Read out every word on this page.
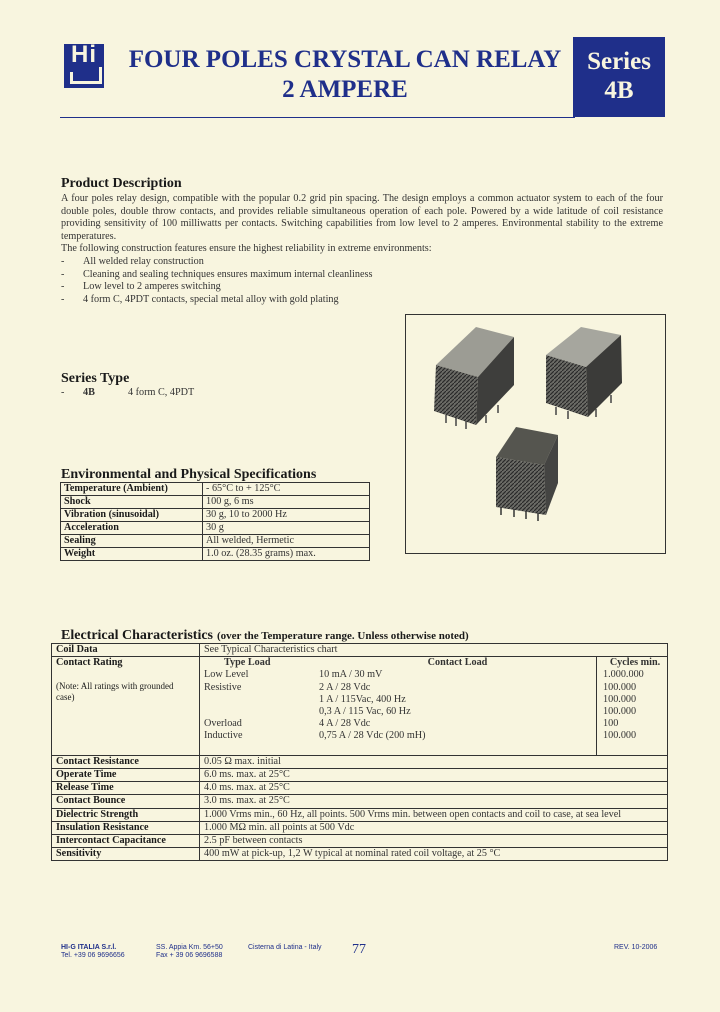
Hi	FOUR POLES CRYSTAL CAN RELAY
2 AMPERE
Series
4B
Product Description
A four poles relay design, compatible with the popular 0.2 grid pin spacing. The design employs a common actuator system to each of the four double poles, double throw contacts, and provides reliable simultaneous operation of each pole. Powered by a wide latitude of coil resistance providing sensitivity of 100 milliwatts per contacts. Switching capabilities from low level to 2 amperes. Environmental stability to the extreme temperatures.
The following construction features ensure the highest reliability in extreme environments:
-	All welded relay construction
-	Cleaning and sealing techniques ensures maximum internal cleanliness
-	Low level to 2 amperes switching
-	4 form C, 4PDT contacts, special metal alloy with gold plating
Series Type
-	4B	4 form C, 4PDT
Environmental and Physical Specifications
Temperature (Ambient)	- 65°C to + 125°C
Shock	100 g, 6 ms
Vibration (sinusoidal)	30 g, 10 to 2000 Hz
Acceleration	30 g
Sealing	All welded, Hermetic
Weight	1.0 oz. (28.35 grams) max.
Electrical Characteristics (over the Temperature range. Unless otherwise noted)
Coil Data	See Typical Characteristics chart

Contact Rating
(Note: All ratings with grounded case)

Type Load	Contact Load	Cycles min.
Low Level	10 mA / 30 mV	1.000.000
Resistive	2 A / 28 Vdc	100.000
	1 A / 115Vac, 400 Hz	100.000
	0,3 A / 115 Vac, 60 Hz	100.000
Overload	4 A / 28 Vdc	100
Inductive	0,75 A / 28 Vdc (200 mH)	100.000

Contact Resistance	0.05 Ω max. initial
Operate Time	6.0 ms. max. at 25°C
Release Time	4.0 ms. max. at 25°C
Contact Bounce	3.0 ms. max. at 25°C
Dielectric Strength	1.000 Vrms min., 60 Hz, all points. 500 Vrms min. between open contacts and coil to case, at sea level
Insulation Resistance	1.000 MΩ min. all points at 500 Vdc
Intercontact Capacitance	2.5 pF between contacts
Sensitivity	400 mW at pick-up, 1,2 W typical at nominal rated coil voltage, at 25 °C
HI-G ITALIA S.r.l.
Tel. +39 06 9696656
SS. Appia Km. 56+50
Fax + 39 06 9696588
Cisterna di Latina - Italy 77	REV. 10-2006
